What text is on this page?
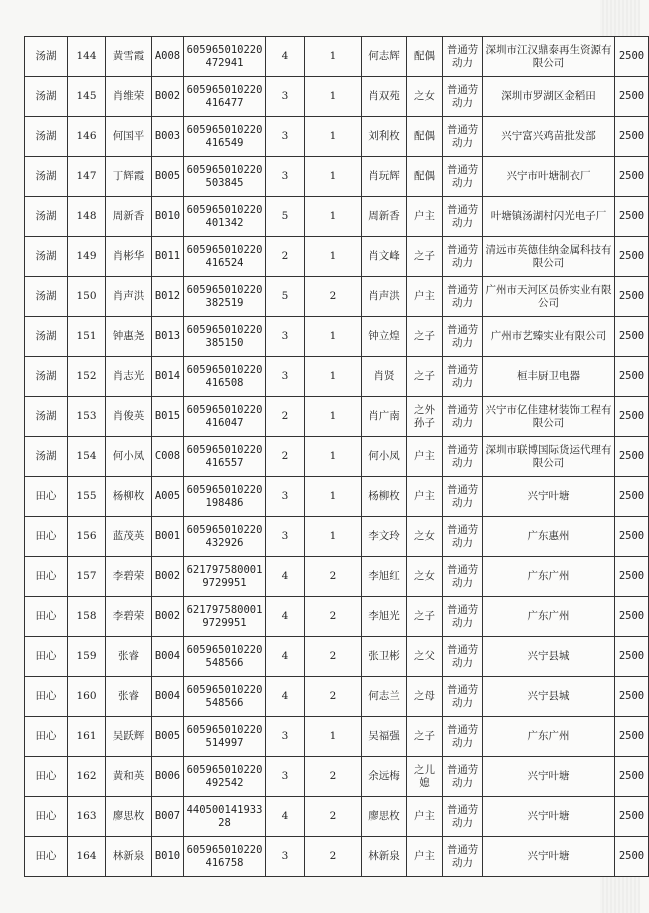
汤湖	144	黄雪霞	A008	605965010220472941	4	1	何志辉	配偶	普通劳动力	深圳市江汉鼎泰再生资源有限公司	2500
汤湖	145	肖维荣	B002	605965010220416477	3	1	肖双苑	之女	普通劳动力	深圳市罗湖区金稻田	2500
汤湖	146	何国平	B003	605965010220416549	3	1	刘利枚	配偶	普通劳动力	兴宁富兴鸡苗批发部	2500
汤湖	147	丁辉霞	B005	605965010220503845	3	1	肖玩辉	配偶	普通劳动力	兴宁市叶塘制衣厂	2500
汤湖	148	周新香	B010	605965010220401342	5	1	周新香	户主	普通劳动力	叶塘镇汤湖村闪光电子厂	2500
汤湖	149	肖彬华	B011	605965010220416524	2	1	肖文峰	之子	普通劳动力	清远市英德佳纳金属科技有限公司	2500
汤湖	150	肖声洪	B012	605965010220382519	5	2	肖声洪	户主	普通劳动力	广州市天河区员侨实业有限公司	2500
汤湖	151	钟惠尧	B013	605965010220385150	3	1	钟立煌	之子	普通劳动力	广州市艺臻实业有限公司	2500
汤湖	152	肖志光	B014	605965010220416508	3	1	肖贤	之子	普通劳动力	桓丰厨卫电器	2500
汤湖	153	肖俊英	B015	605965010220416047	2	1	肖广南	之外孙子	普通劳动力	兴宁市亿佳建材装饰工程有限公司	2500
汤湖	154	何小凤	C008	605965010220416557	2	1	何小凤	户主	普通劳动力	深圳市联博国际货运代理有限公司	2500
田心	155	杨柳枚	A005	605965010220198486	3	1	杨柳枚	户主	普通劳动力	兴宁叶塘	2500
田心	156	蓝茂英	B001	605965010220432926	3	1	李文玲	之女	普通劳动力	广东惠州	2500
田心	157	李碧荣	B002	6217975800019729951	4	2	李旭红	之女	普通劳动力	广东广州	2500
田心	158	李碧荣	B002	6217975800019729951	4	2	李旭光	之子	普通劳动力	广东广州	2500
田心	159	张睿	B004	605965010220548566	4	2	张卫彬	之父	普通劳动力	兴宁县城	2500
田心	160	张睿	B004	605965010220548566	4	2	何志兰	之母	普通劳动力	兴宁县城	2500
田心	161	吴跃辉	B005	605965010220514997	3	1	吴福强	之子	普通劳动力	广东广州	2500
田心	162	黄和英	B006	605965010220492542	3	2	余远梅	之儿媳	普通劳动力	兴宁叶塘	2500
田心	163	廖思枚	B007	44050014193328	4	2	廖思枚	户主	普通劳动力	兴宁叶塘	2500
田心	164	林新泉	B010	605965010220416758	3	2	林新泉	户主	普通劳动力	兴宁叶塘	2500
